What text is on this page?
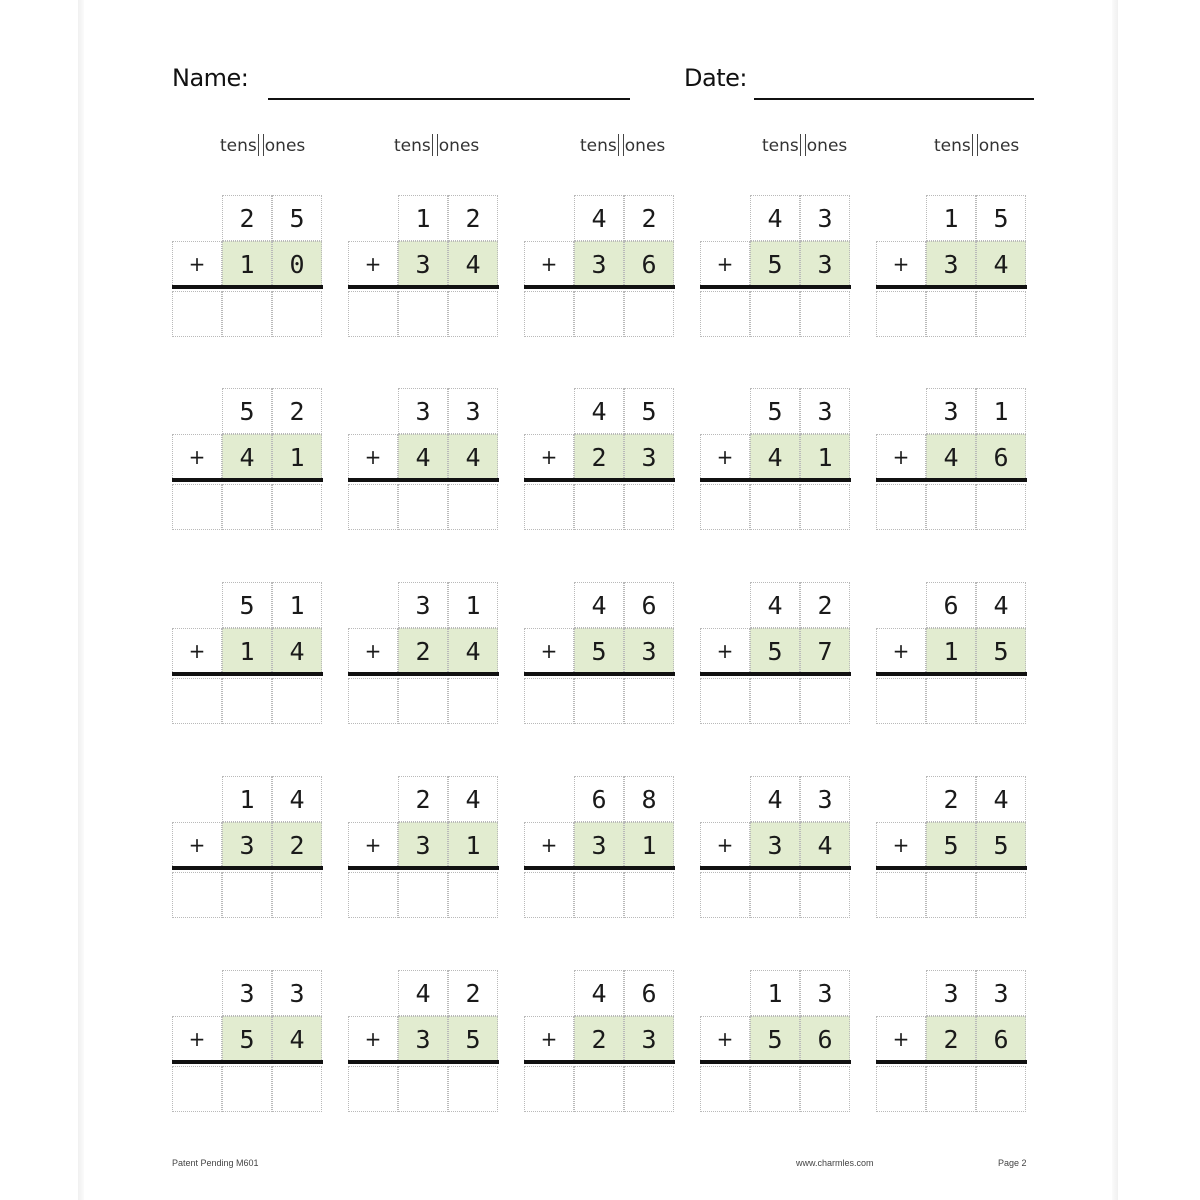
Name:	Date:
tens ones	tens ones	tens ones	tens ones	tens ones
2	5
+	1	0
1	2
+	3	4
4	2
+	3	6
4	3
+	5	3
1	5
+	3	4
5	2
+	4	1
3	3
+	4	4
4	5
+	2	3
5	3
+	4	1
3	1
+	4	6
5	1
+	1	4
3	1
+	2	4
4	6
+	5	3
4	2
+	5	7
6	4
+	1	5
1	4
+	3	2
2	4
+	3	1
6	8
+	3	1
4	3
+	3	4
2	4
+	5	5
3	3
+	5	4
4	2
+	3	5
4	6
+	2	3
1	3
+	5	6
3	3
+	2	6
Patent Pending M601	www.charmles.com	Page 2
